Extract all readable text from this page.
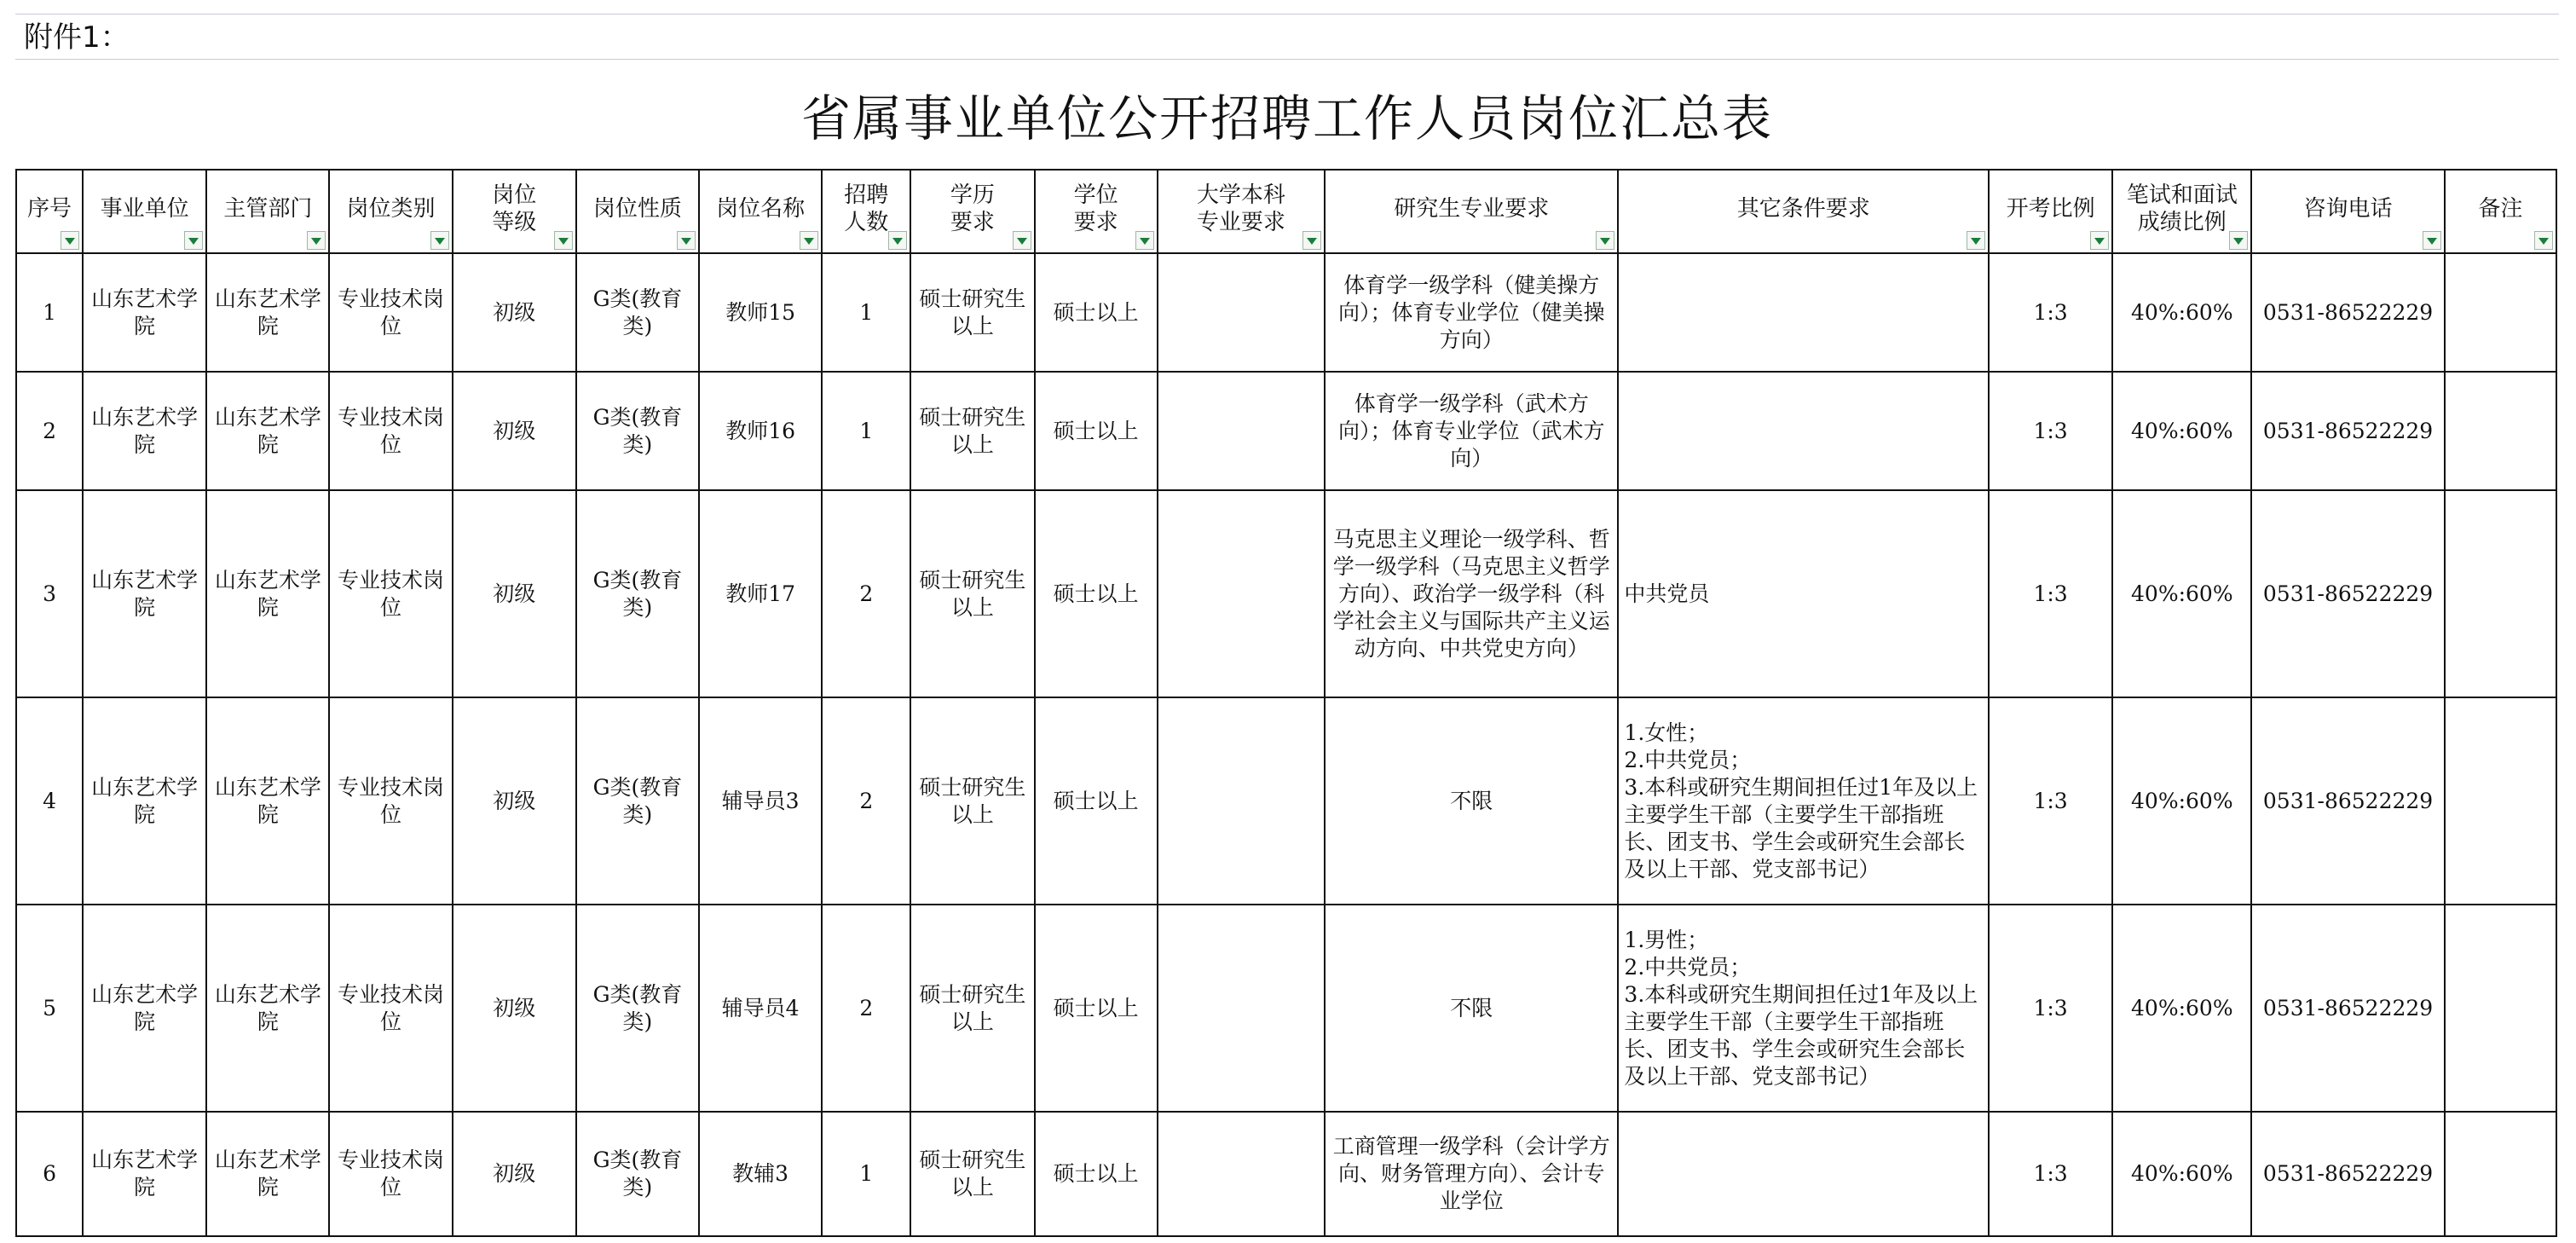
附件1：
省属事业单位公开招聘工作人员岗位汇总表
序号	事业单位	主管部门	岗位类别	岗位
等级	岗位性质	岗位名称	招聘
人数	学历
要求	学位
要求	大学本科
专业要求	研究生专业要求	其它条件要求	开考比例	笔试和面试
成绩比例	咨询电话	备注

1	山东艺术学院	山东艺术学院	专业技术岗位	初级	G类(教育类)	教师15	1	硕士研究生以上	硕士以上		体育学一级学科（健美操方向）；体育专业学位（健美操方向）		1:3	40%:60%	0531-86522229	
2	山东艺术学院	山东艺术学院	专业技术岗位	初级	G类(教育类)	教师16	1	硕士研究生以上	硕士以上		体育学一级学科（武术方向）；体育专业学位（武术方向）		1:3	40%:60%	0531-86522229	
3	山东艺术学院	山东艺术学院	专业技术岗位	初级	G类(教育类)	教师17	2	硕士研究生以上	硕士以上		马克思主义理论一级学科、哲学一级学科（马克思主义哲学方向）、政治学一级学科（科学社会主义与国际共产主义运动方向、中共党史方向）	中共党员	1:3	40%:60%	0531-86522229	
4	山东艺术学院	山东艺术学院	专业技术岗位	初级	G类(教育类)	辅导员3	2	硕士研究生以上	硕士以上		不限	1.女性；
2.中共党员；
3.本科或研究生期间担任过1年及以上主要学生干部（主要学生干部指班长、团支书、学生会或研究生会部长及以上干部、党支部书记）	1:3	40%:60%	0531-86522229	
5	山东艺术学院	山东艺术学院	专业技术岗位	初级	G类(教育类)	辅导员4	2	硕士研究生以上	硕士以上		不限	1.男性；
2.中共党员；
3.本科或研究生期间担任过1年及以上主要学生干部（主要学生干部指班长、团支书、学生会或研究生会部长及以上干部、党支部书记）	1:3	40%:60%	0531-86522229	
6	山东艺术学院	山东艺术学院	专业技术岗位	初级	G类(教育类)	教辅3	1	硕士研究生以上	硕士以上		工商管理一级学科（会计学方向、财务管理方向）、会计专业学位		1:3	40%:60%	0531-86522229	
